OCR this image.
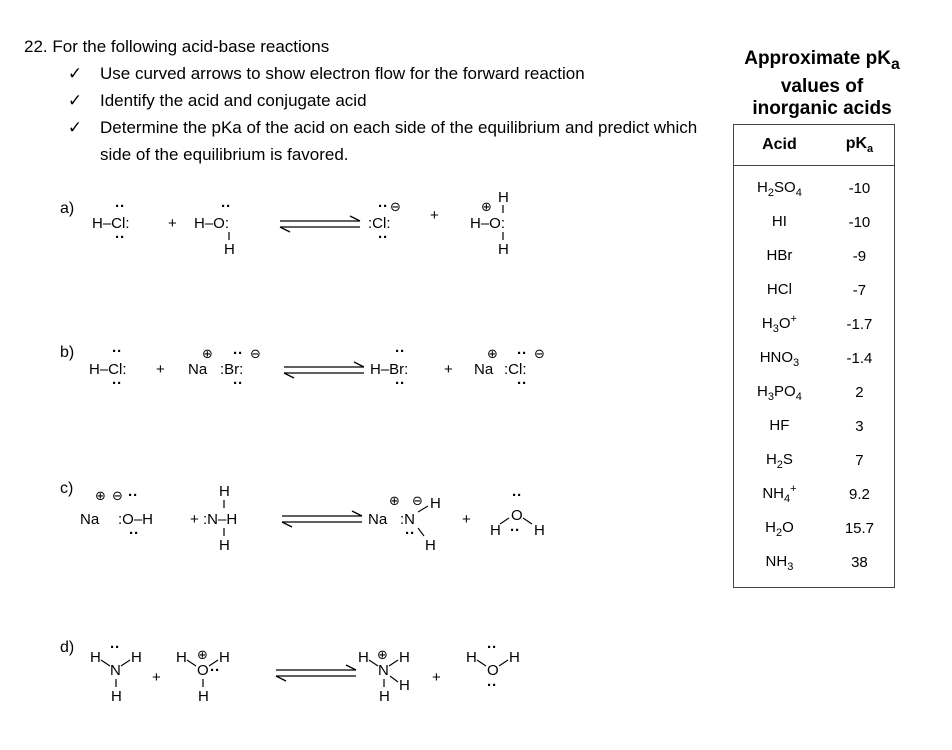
22. For the following acid-base reactions

✓ Use curved arrows to show electron flow for the forward reaction
✓ Identify the acid and conjugate acid
✓ Determine the pKa of the acid on each side of the equilibrium and predict which side of the equilibrium is favored.
a)	··
H–Cl:
··
+
··
H–O:
H
⊖
··
:Cl:
··
+
H
⊕
H–O:
H
b)	··
H–Cl:
··
+
⊕
Na
⊖
··
:Br:
··
··
H–Br:
··
+
⊕
Na
⊖
··
:Cl:
··
c) ⊕ ⊖ ··
Na :O–H
··
+
H
:N–H
H
⊕ ⊖
Na :N
H
··
H
+
··
O
H ·· H
d)
H
··
N
H
H
+
H ⊕
O ··
H
H
H ⊕
N
H
H
H
+
H
··
O
H
··
Approximate $pK_a$
values of
inorganic acids
Acid	$pK_a$
$H_2SO_4$	-10
HI	-10
HBr	-9
HCl	-7
$H_3O^+$	-1.7
$HNO_3$	-1.4
$H_3PO_4$	2
HF	3
$H_2S$	7
$NH_4^+$	9.2
$H_2O$	15.7
$NH_3$	38
